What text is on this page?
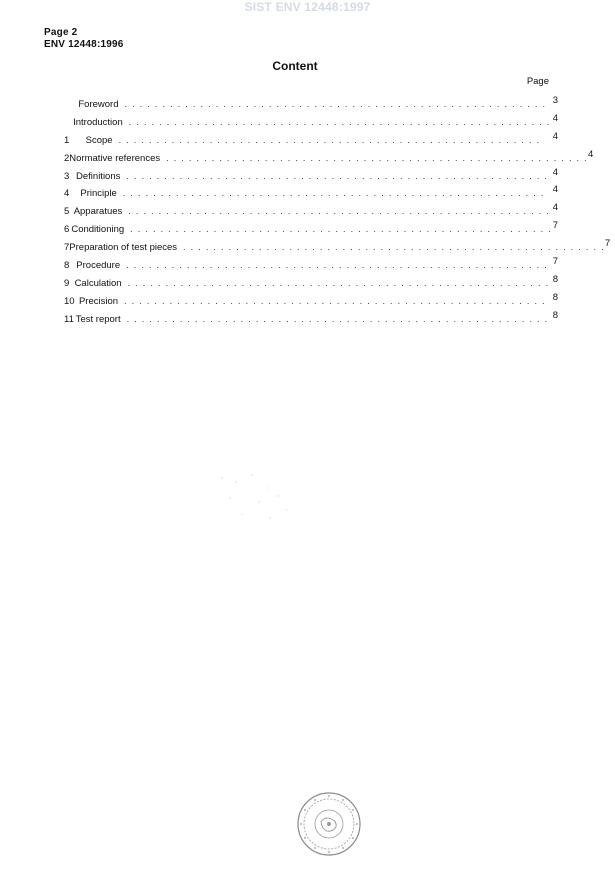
SIST ENV 12448:1997
Page 2
ENV 12448:1996
Content
Page
Foreword . . . . . . . . . . . . . . . . . . . . . . . . . . . . . . . . . . . . . . . . . . . . . . . . . . . . . . . . 3
Introduction . . . . . . . . . . . . . . . . . . . . . . . . . . . . . . . . . . . . . . . . . . . . . . . . . . . . . . . . 4
1	Scope . . . . . . . . . . . . . . . . . . . . . . . . . . . . . . . . . . . . . . . . . . . . . . . . . . . . . . . .	4
2 Normative references . . . . . . . . . . . . . . . . . . . . . . . . . . . . . . . . . . . . . . . . . . . . . . . . . . . . . . . . 4
3 Definitions . . . . . . . . . . . . . . . . . . . . . . . . . . . . . . . . . . . . . . . . . . . . . . . . . . . . . . . . 4
4	Principle . . . . . . . . . . . . . . . . . . . . . . . . . . . . . . . . . . . . . . . . . . . . . . . . . . . . . . . . 4
5 Apparatues . . . . . . . . . . . . . . . . . . . . . . . . . . . . . . . . . . . . . . . . . . . . . . . . . . . . . . . . 4
6 Conditioning . . . . . . . . . . . . . . . . . . . . . . . . . . . . . . . . . . . . . . . . . . . . . . . . . . . . . . . . 7
7 Preparation of test pieces . . . . . . . . . . . . . . . . . . . . . . . . . . . . . . . . . . . . . . . . . . . . . . . . . . . . . . . . 7
8 Procedure . . . . . . . . . . . . . . . . . . . . . . . . . . . . . . . . . . . . . . . . . . . . . . . . . . . . . . . . 7
9 Calculation . . . . . . . . . . . . . . . . . . . . . . . . . . . . . . . . . . . . . . . . . . . . . . . . . . . . . . . . 8
10 Precision . . . . . . . . . . . . . . . . . . . . . . . . . . . . . . . . . . . . . . . . . . . . . . . . . . . . . . . . 8
11 Test report . . . . . . . . . . . . . . . . . . . . . . . . . . . . . . . . . . . . . . . . . . . . . . . . . . . . . . . . 8
